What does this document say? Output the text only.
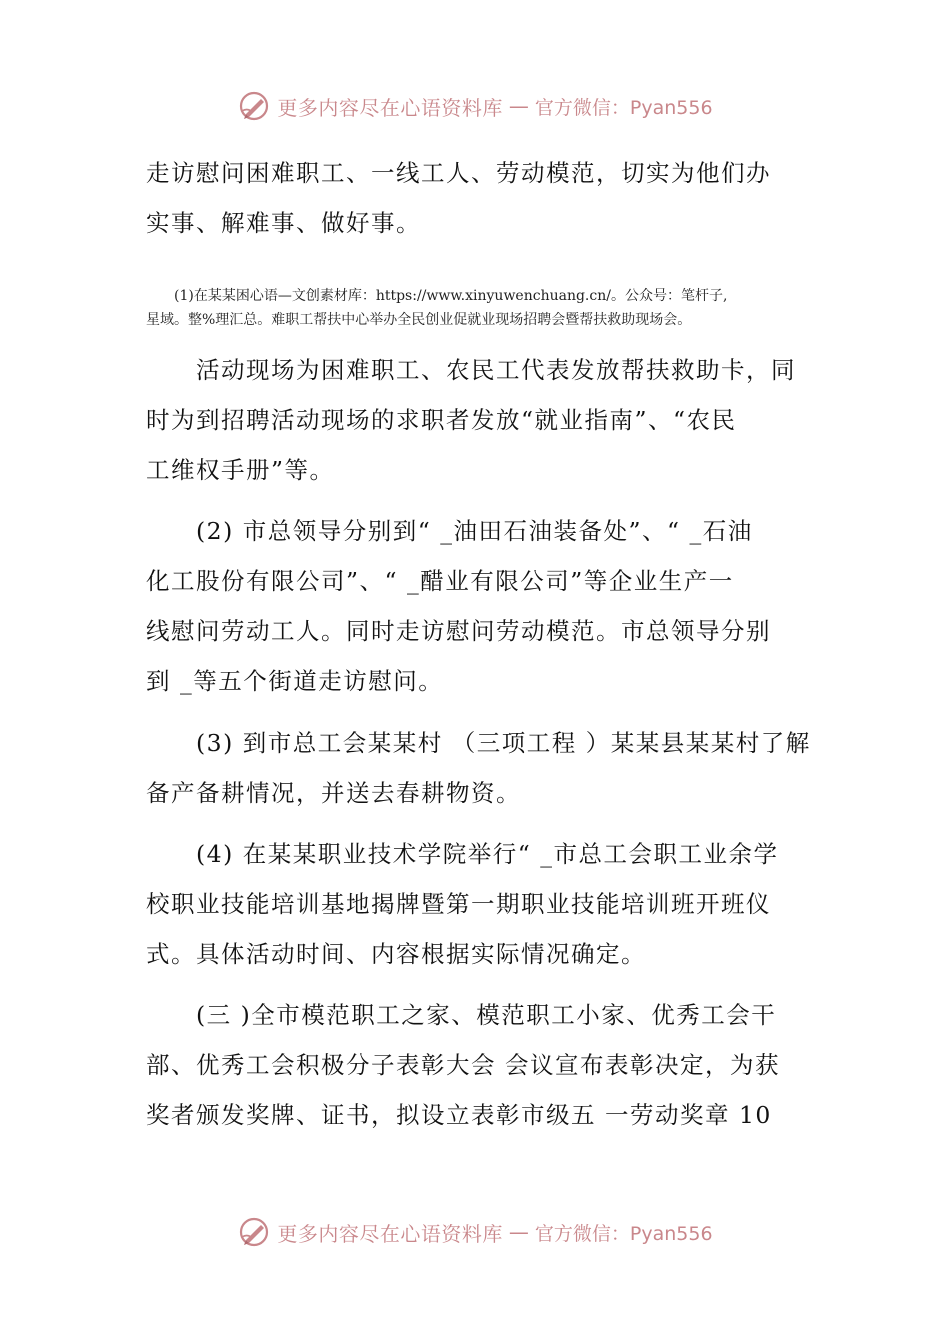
更多内容尽在心语资料库 — 官方微信：Pyan556

走访慰问困难职工、一线工人、劳动模范，切实为他们办
实事、解难事、做好事。

　　(1)在某某困心语—文创素材库：https://www.xinyuwenchuang.cn/。公众号：笔杆子,
星域。整%理汇总。难职工帮扶中心举办全民创业促就业现场招聘会暨帮扶救助现场会。

　　活动现场为困难职工、农民工代表发放帮扶救助卡，同
时为到招聘活动现场的求职者发放“就业指南”、“农民
工维权手册”等。

　　(2) 市总领导分别到“ _油田石油装备处”、“ _石油
化工股份有限公司”、“ _醋业有限公司”等企业生产一
线慰问劳动工人。同时走访慰问劳动模范。市总领导分别
到 _等五个街道走访慰问。

　　(3) 到市总工会某某村 （三项工程 ）某某县某某村了解
备产备耕情况，并送去春耕物资。

　　(4) 在某某职业技术学院举行“ _市总工会职工业余学
校职业技能培训基地揭牌暨第一期职业技能培训班开班仪
式。具体活动时间、内容根据实际情况确定。

　　(三 )全市模范职工之家、模范职工小家、优秀工会干
部、优秀工会积极分子表彰大会 会议宣布表彰决定，为获
奖者颁发奖牌、证书，拟设立表彰市级五 一劳动奖章 10

更多内容尽在心语资料库 — 官方微信：Pyan556
